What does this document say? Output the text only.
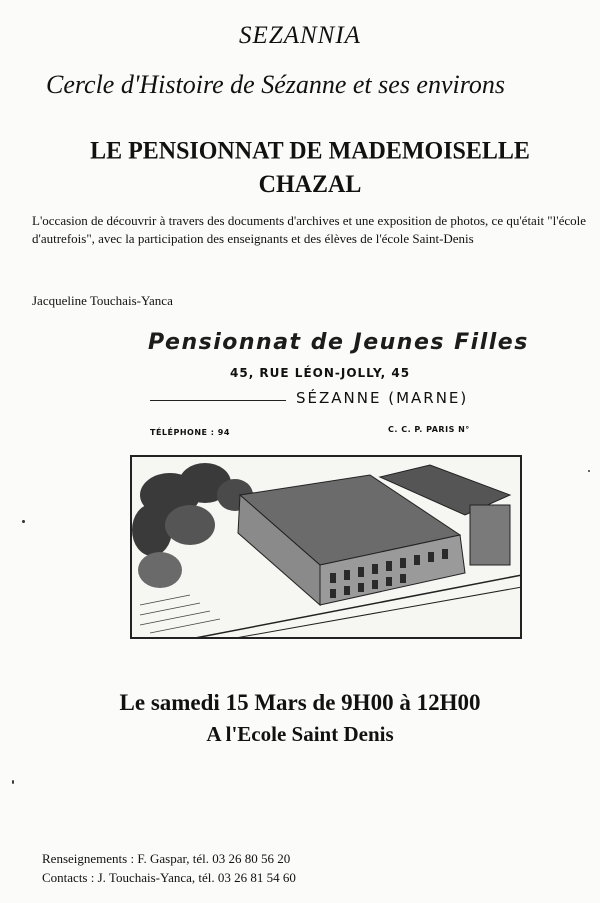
SEZANNIA
Cercle d'Histoire de Sézanne et ses environs
LE PENSIONNAT DE MADEMOISELLE
CHAZAL
L'occasion de découvrir à travers des documents d'archives et une exposition de photos, ce qu'était "l'école d'autrefois", avec la participation des enseignants et des élèves de l'école Saint-Denis
Jacqueline Touchais-Yanca
Pensionnat de Jeunes Filles
45, RUE LÉON-JOLLY, 45
SÉZANNE (MARNE)
TÉLÉPHONE : 94	C. C. P. PARIS N°
Le samedi 15 Mars de 9H00 à 12H00
A l'Ecole Saint Denis
Renseignements : F. Gaspar, tél. 03 26 80 56 20
Contacts : J. Touchais-Yanca, tél. 03 26 81 54 60
